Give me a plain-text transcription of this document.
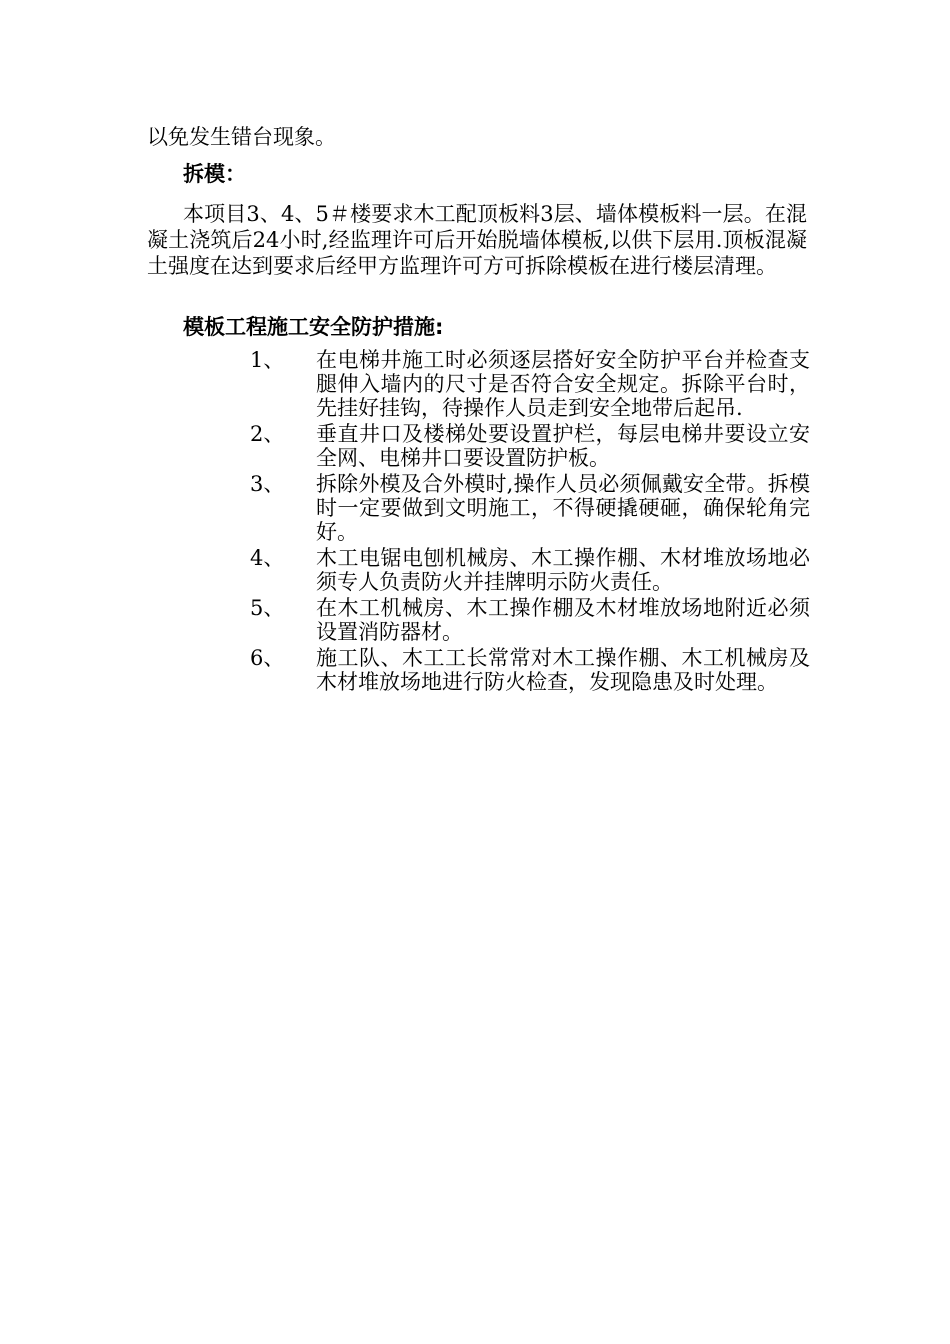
以免发生错台现象。

拆模：

本项目3、4、5＃楼要求木工配顶板料3层、墙体模板料一层。在混凝土浇筑后24小时,经监理许可后开始脱墙体模板,以供下层用.顶板混凝土强度在达到要求后经甲方监理许可方可拆除模板在进行楼层清理。

模板工程施工安全防护措施:
1、	在电梯井施工时必须逐层搭好安全防护平台并检查支腿伸入墙内的尺寸是否符合安全规定。拆除平台时，先挂好挂钩，待操作人员走到安全地带后起吊.
2、	垂直井口及楼梯处要设置护栏，每层电梯井要设立安全网、电梯井口要设置防护板。
3、	拆除外模及合外模时,操作人员必须佩戴安全带。拆模时一定要做到文明施工，不得硬撬硬砸，确保轮角完好。
4、	木工电锯电刨机械房、木工操作棚、木材堆放场地必须专人负责防火并挂牌明示防火责任。
5、	在木工机械房、木工操作棚及木材堆放场地附近必须设置消防器材。
6、	施工队、木工工长常常对木工操作棚、木工机械房及木材堆放场地进行防火检查，发现隐患及时处理。
